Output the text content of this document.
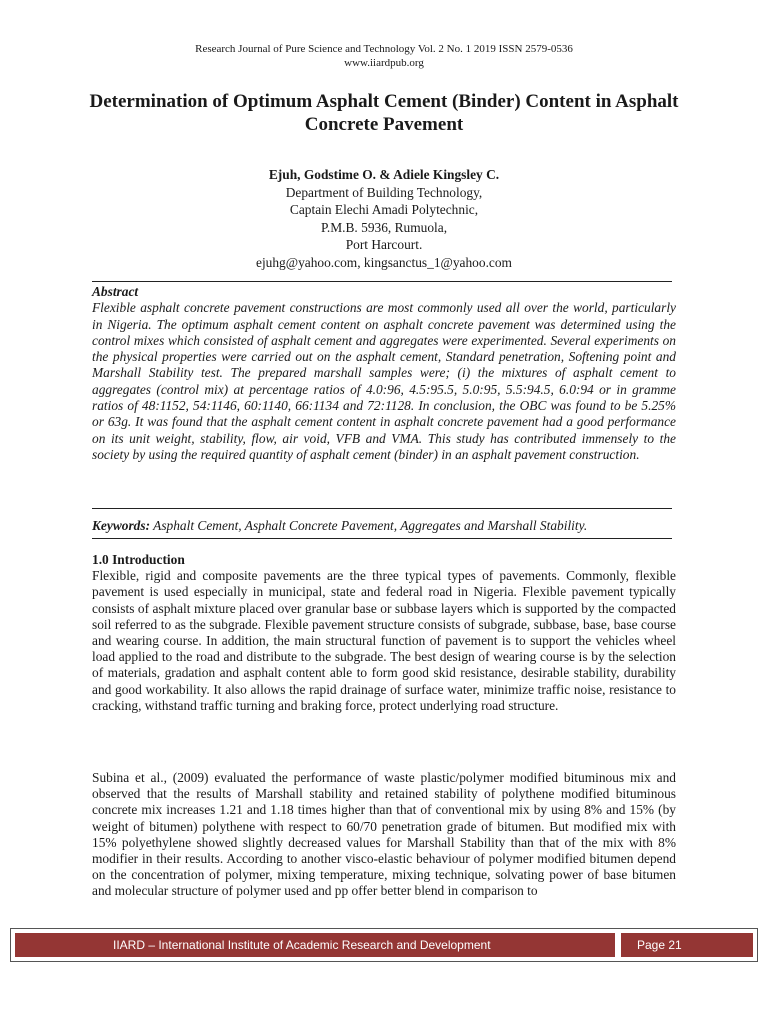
Research Journal of Pure Science and Technology Vol. 2 No. 1 2019 ISSN 2579-0536
www.iiardpub.org
Determination of Optimum Asphalt Cement (Binder) Content in Asphalt Concrete Pavement
Ejuh, Godstime O. & Adiele Kingsley C.
Department of Building Technology,
Captain Elechi Amadi Polytechnic,
P.M.B. 5936, Rumuola,
Port Harcourt.
ejuhg@yahoo.com, kingsanctus_1@yahoo.com
Abstract
Flexible asphalt concrete pavement constructions are most commonly used all over the world, particularly in Nigeria. The optimum asphalt cement content on asphalt concrete pavement was determined using the control mixes which consisted of asphalt cement and aggregates were experimented. Several experiments on the physical properties were carried out on the asphalt cement, Standard penetration, Softening point and Marshall Stability test. The prepared marshall samples were; (i) the mixtures of asphalt cement to aggregates (control mix) at percentage ratios of 4.0:96, 4.5:95.5, 5.0:95, 5.5:94.5, 6.0:94 or in gramme ratios of 48:1152, 54:1146, 60:1140, 66:1134 and 72:1128. In conclusion, the OBC was found to be 5.25% or 63g. It was found that the asphalt cement content in asphalt concrete pavement had a good performance on its unit weight, stability, flow, air void, VFB and VMA. This study has contributed immensely to the society by using the required quantity of asphalt cement (binder) in an asphalt pavement construction.
Keywords: Asphalt Cement, Asphalt Concrete Pavement, Aggregates and Marshall Stability.
1.0 Introduction
Flexible, rigid and composite pavements are the three typical types of pavements. Commonly, flexible pavement is used especially in municipal, state and federal road in Nigeria. Flexible pavement typically consists of asphalt mixture placed over granular base or subbase layers which is supported by the compacted soil referred to as the subgrade. Flexible pavement structure consists of subgrade, subbase, base, base course and wearing course. In addition, the main structural function of pavement is to support the vehicles wheel load applied to the road and distribute to the subgrade. The best design of wearing course is by the selection of materials, gradation and asphalt content able to form good skid resistance, desirable stability, durability and good workability. It also allows the rapid drainage of surface water, minimize traffic noise, resistance to cracking, withstand traffic turning and braking force, protect underlying road structure.
Subina et al., (2009) evaluated the performance of waste plastic/polymer modified bituminous mix and observed that the results of Marshall stability and retained stability of polythene modified bituminous concrete mix increases 1.21 and 1.18 times higher than that of conventional mix by using 8% and 15% (by weight of bitumen) polythene with respect to 60/70 penetration grade of bitumen. But modified mix with 15% polyethylene showed slightly decreased values for Marshall Stability than that of the mix with 8% modifier in their results. According to another visco-elastic behaviour of polymer modified bitumen depend on the concentration of polymer, mixing temperature, mixing technique, solvating power of base bitumen and molecular structure of polymer used and pp offer better blend in comparison to
IIARD – International Institute of Academic Research and Development	Page 21
